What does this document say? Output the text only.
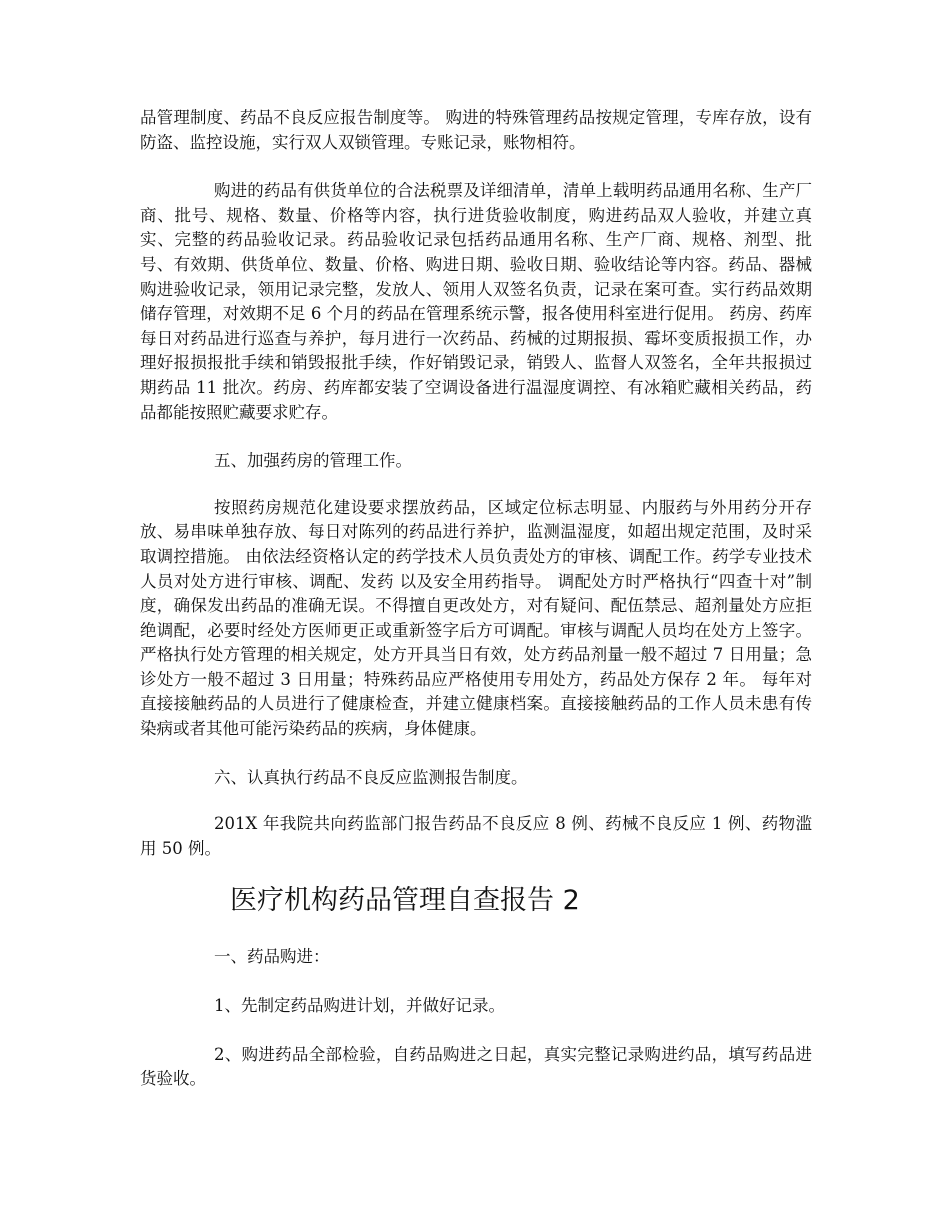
品管理制度、药品不良反应报告制度等。 购进的特殊管理药品按规定管理，专库存放，设有防盗、监控设施，实行双人双锁管理。专账记录，账物相符。

购进的药品有供货单位的合法税票及详细清单，清单上载明药品通用名称、生产厂商、批号、规格、数量、价格等内容，执行进货验收制度，购进药品双人验收，并建立真实、完整的药品验收记录。药品验收记录包括药品通用名称、生产厂商、规格、剂型、批号、有效期、供货单位、数量、价格、购进日期、验收日期、验收结论等内容。药品、器械购进验收记录，领用记录完整，发放人、领用人双签名负责，记录在案可查。实行药品效期储存管理，对效期不足 6 个月的药品在管理系统示警，报各使用科室进行促用。 药房、药库每日对药品进行巡查与养护，每月进行一次药品、药械的过期报损、霉坏变质报损工作，办理好报损报批手续和销毁报批手续，作好销毁记录，销毁人、监督人双签名，全年共报损过期药品 11 批次。药房、药库都安装了空调设备进行温湿度调控、有冰箱贮藏相关药品，药品都能按照贮藏要求贮存。

五、加强药房的管理工作。

按照药房规范化建设要求摆放药品，区域定位标志明显、内服药与外用药分开存放、易串味单独存放、每日对陈列的药品进行养护，监测温湿度，如超出规定范围，及时采取调控措施。 由依法经资格认定的药学技术人员负责处方的审核、调配工作。药学专业技术人员对处方进行审核、调配、发药 以及安全用药指导。 调配处方时严格执行“四查十对”制度，确保发出药品的准确无误。不得擅自更改处方，对有疑问、配伍禁忌、超剂量处方应拒绝调配，必要时经处方医师更正或重新签字后方可调配。审核与调配人员均在处方上签字。 严格执行处方管理的相关规定，处方开具当日有效，处方药品剂量一般不超过 7 日用量；急诊处方一般不超过 3 日用量；特殊药品应严格使用专用处方，药品处方保存 2 年。 每年对直接接触药品的人员进行了健康检查，并建立健康档案。直接接触药品的工作人员未患有传染病或者其他可能污染药品的疾病，身体健康。

六、认真执行药品不良反应监测报告制度。

201X 年我院共向药监部门报告药品不良反应 8 例、药械不良反应 1 例、药物滥用 50 例。

医疗机构药品管理自查报告 2

一、药品购进：

1、先制定药品购进计划，并做好记录。

2、购进药品全部检验，自药品购进之日起，真实完整记录购进约品，填写药品进货验收。
